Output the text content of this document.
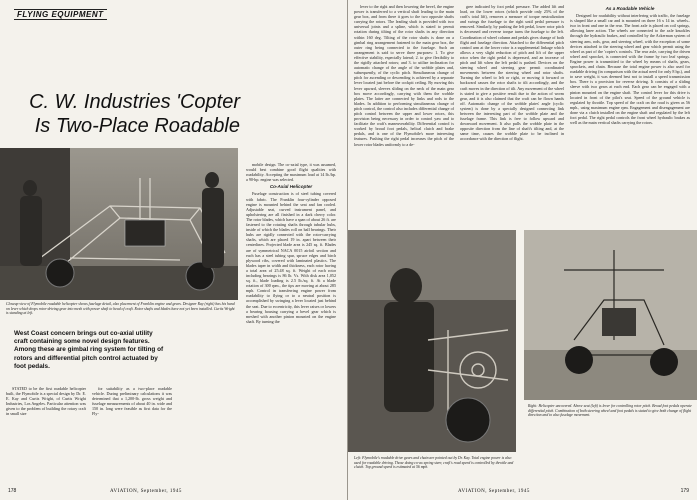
FLYING EQUIPMENT
C. W. Industries 'Copter
Is Two-Place Roadable
Closeup view of Flymobile roadable helicopter shows fuselage detail, also placement of Franklin engine and gears. Designer Ray (right) has his hand on lever which drops rotor-driving gear into mesh with power shaft to head of craft. Rotor shafts and blades have not yet been installed. Curtis Wright is standing at left.
West Coast concern brings out co-axial utility craft containing some novel design features. Among these are gimbal ring system for tilting of rotors and differential pitch control actuated by foot pedals.

STATED to be the first roadable helicopter built, the Flymobile is a special design by Dr. E. E. Kay and Curtis Wright, of Curtis Wright Industries, Los Angeles. Particular attention was given to the problem of building the rotary craft in small size

for suitability as a two-place roadable vehicle. During preliminary calculations it was determined that a 1,200-lb. gross weight and fuselage measurements of about 40 in. wide and 150 in. long were feasible as first data for the Fly-

mobile design. The co-axial type, it was assumed, would best combine good flight qualities with roadability. Accepting the maximum load at 14 lb./hp. a 90-hp. engine was selected.

Co-Axial Helicopter

Fuselage construction is of steel tubing covered with fabric. The Franklin four-cylinder opposed engine is mounted behind the seat and fan cooled. Adjustable seat, curved instrument panel, and upholstering are all finished in a dark cherry color. The rotor blades, which have a span of about 26 ft. are fastened to the rotating shafts through tubular hubs, inside of which the blades roll on ball bearings. Their hubs are rigidly connected with the rotor-carrying shafts, which are placed 19 in. apart between their centerlines. Projected blade area is 245 sq. ft. Blades are of symmetrical NACA 0015 airfoil section and each has a steel tubing spar, spruce edges and birch plywood ribs, covered with laminated plastics. The blades taper in width and thickness, each rotor having a total area of 25.48 sq. ft. Weight of each rotor including bearings is 86 lb. Vs. With disk area 1,052 sq. ft., blade loading is 2.5 lb./sq. ft. At a blade rotation of 300 rpm., the tips are moving at about 285 mph. Control in transferring engine power from roadability to flying or to a neutral position is accomplished by swinging a lever located just behind the seat. Due to eccentricity, this lever raises or lowers a bearing housing carrying a bevel gear which is meshed with another pinion mounted on the engine shaft. By turning the

178	AVIATION, September, 1945

lever to the right and then lowering the bevel, the engine power is transferred to a vertical shaft leading to the main gear box, and from there it goes to the two opposite shafts carrying the rotors. The leading shaft is provided with two universal joints and a spline, which is stated to permit rotation during tilting of the rotor shafts in any direction within 160 deg. Tilting of the rotor shafts is done on a gimbal ring arrangement fastened to the main gear box, the outer ring being connected to the fuselage. Such an arrangement is said to serve three purposes: 1. To give effective stability, especially lateral; 2. to give flexibility to the rigidly attached rotors; and 3. to utilize inclination for automatic change of the angle of the wobble plates and, subsequently, of the cyclic pitch. Simultaneous change of pitch for ascending or descending is achieved by a separate lever located just before the cockpit ceiling. By moving this lever upward, sleeves sliding on the neck of the main gear box move accordingly, carrying with them the wobble plates. The latter are connected by links and rods to the blades. In addition to performing simultaneous change of pitch control, the control also includes differential change of pitch control between the upper and lower rotors, this provision being necessary in order to control yaw and to facilitate the craft's maneuverability. Differential control is worked by broad foot pedals, helical clutch and brake pedals, and is one of the Flymobile's more interesting features. Pushing the right pedal increases the pitch of the lower rotor blades uniformly to a de-

gree indicated by foot pedal pressure. The added lift and load, on the lower rotors (which provide only 25% of the craft's total lift), removes a measure of torque neutralization and swings the fuselage to the right until pedal pressure is removed. Similarly, by pushing the left pedal, lower rotor pitch is decreased and reverse torque turns the fuselage to the left. Coordination of wheel column and pedals gives change of both flight and fuselage direction. Attached to the differential pitch control arm at the lower rotor is a supplemental linkage which allows a very slight reduction of pitch and lift of the upper rotor when the right pedal is depressed, and an increase of pitch and lift when the left pedal is pushed. Devices on the steering wheel and steering gear permit coordinated movements between the steering wheel and rotor shafts. Turning the wheel to left or right, or moving it forward or backward causes the rotor shafts to tilt accordingly, and the craft moves in the direction of tilt. Any movement of the wheel is stated to give a positive result due to the action of worm gear, and it is also claimed that the craft can be flown hands off. Automatic change of the wobble plates' angle (cyclic system) is done by a specially designed connecting link between the interesting part of the wobble plate and the fuselage frame. This link is free to follow upward and downward movement. It also pulls the wobble plate in the opposite direction from the line of shaft's tilting and, at the same time, causes the wobble plate to be inclined in accordance with the direction of flight.

As a Roadable Vehicle

Designed for roadability without interfering with traffic, the fuselage is shaped like a small car and is mounted on three 16 x 14 in. wheels–two in front and one in the rear. The front axle is placed on coil springs, allowing knee action. The wheels are connected to the axle knuckles through the hydraulic brakes, and controlled by the Ackerman system of steering arm, rods, gear, and steering wheel, with the exception of some devices attached to the steering wheel and gear which permit using the wheel as part of the 'copter's controls. The rear axle, carrying the driven wheel and sprocket, is connected with the frame by two leaf springs. Engine power is transmitted to the wheel by means of shafts, gears, sprockets, and chain. Because the total engine power is also used for roadable driving (in comparison with the actual need for only 8 hp.), and to save weight, it was deemed best not to install a speed transmission box. There is a provision for reverse driving. It consists of a sliding sleeve with two gears at each end. Each gear can be engaged with a pinion mounted on the engine shaft. The control lever for this drive is located in front of the pilot's seat. Speed of the ground vehicle is regulated by throttle. Top speed of the craft on the road is given as 56 mph., using maximum engine rpm. Engagement and disengagement are done via a clutch installed on the engine shaft and regulated by the left foot pedal. The right pedal controls the front wheel hydraulic brakes as well as the main vertical shafts carrying the rotors.

Left: Flymobile's roadable drive gears and chain are pointed out by Dr. Kay. Total engine power is also used for roadable driving. Those doing co-ax spring steer, craft's road speed is controlled by throttle and clutch. Top ground speed is estimated at 56 mph.
Right: Helicopter uncovered. Above seat (left) is lever for controlling rotor pitch. Broad foot pedals operate differential pitch. Combination of both steering wheel and foot pedals is stated to give both change of flight direction and to also fuselage movement.
AVIATION, September, 1945	179
